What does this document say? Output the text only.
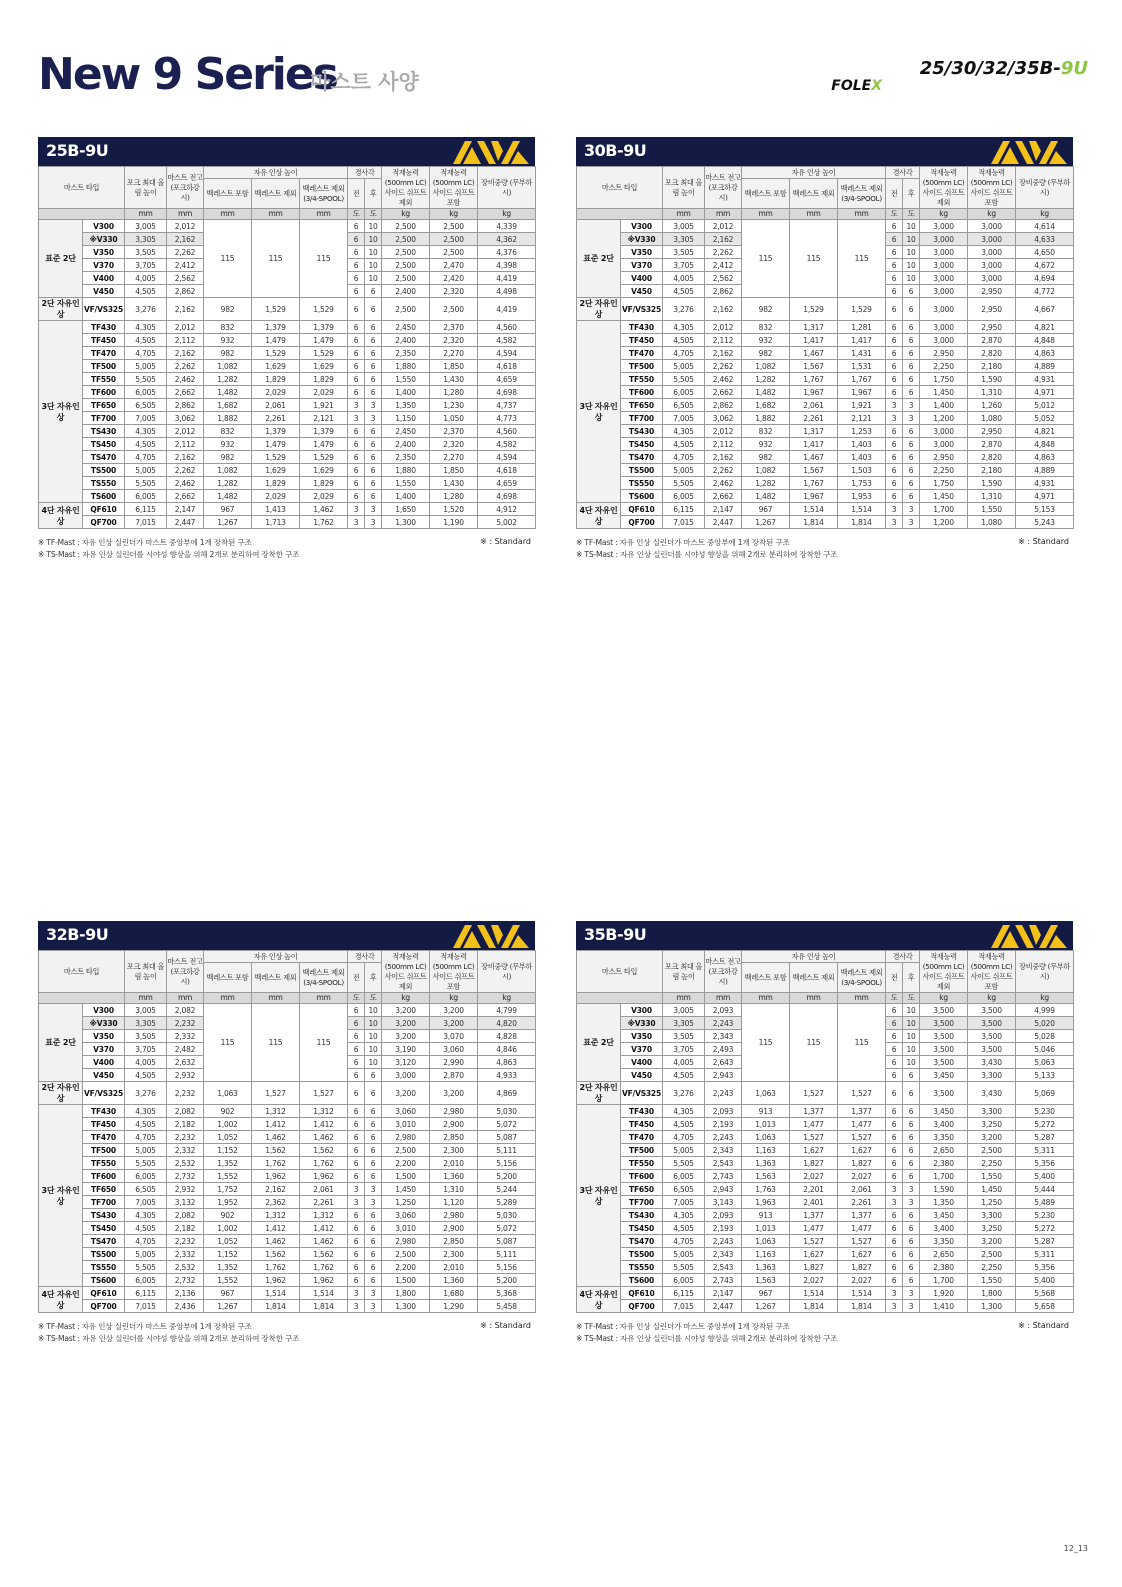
New 9 Series
마스트 사양
25/30/32/35B-9U
FOLEX
25B-9U
마스트 타입		포크 최대 올림 높이	마스트 전고
(포크하강시)	자유 인상 높이			경사각		적재능력 (500mm LC) 사이드 쉬프트 제외	적재능력 (500mm LC) 사이드 쉬프트 포함	장비중량 (무부하시)
				백레스트 포함	백레스트 제외	백레스트 제외 (3/4-SPOOL)	전	후			
		mm	mm	mm	mm	mm	도	도	kg	kg	kg
표준 2단	V300	3,005	2,012	115	115	115	6	10	2,500	2,500	4,339
	※V330	3,305	2,162				6	10	2,500	2,500	4,362
	V350	3,505	2,262				6	10	2,500	2,500	4,376
	V370	3,705	2,412				6	10	2,500	2,470	4,398
	V400	4,005	2,562				6	10	2,500	2,420	4,419
	V450	4,505	2,862				6	6	2,400	2,320	4,498
2단 자유인상	VF/VS325	3,276	2,162	982	1,529	1,529	6	6	2,500	2,500	4,419
3단 자유인상	TF430	4,305	2,012	832	1,379	1,379	6	6	2,450	2,370	4,560
	TF450	4,505	2,112	932	1,479	1,479	6	6	2,400	2,320	4,582
	TF470	4,705	2,162	982	1,529	1,529	6	6	2,350	2,270	4,594
	TF500	5,005	2,262	1,082	1,629	1,629	6	6	1,880	1,850	4,618
	TF550	5,505	2,462	1,282	1,829	1,829	6	6	1,550	1,430	4,659
	TF600	6,005	2,662	1,482	2,029	2,029	6	6	1,400	1,280	4,698
	TF650	6,505	2,862	1,682	2,061	1,921	3	3	1,350	1,230	4,737
	TF700	7,005	3,062	1,882	2,261	2,121	3	3	1,150	1,050	4,773
	TS430	4,305	2,012	832	1,379	1,379	6	6	2,450	2,370	4,560
	TS450	4,505	2,112	932	1,479	1,479	6	6	2,400	2,320	4,582
	TS470	4,705	2,162	982	1,529	1,529	6	6	2,350	2,270	4,594
	TS500	5,005	2,262	1,082	1,629	1,629	6	6	1,880	1,850	4,618
	TS550	5,505	2,462	1,282	1,829	1,829	6	6	1,550	1,430	4,659
	TS600	6,005	2,662	1,482	2,029	2,029	6	6	1,400	1,280	4,698
4단 자유인상	QF610	6,115	2,147	967	1,413	1,462	3	3	1,650	1,520	4,912
	QF700	7,015	2,447	1,267	1,713	1,762	3	3	1,300	1,190	5,002
※ TF-Mast : 자유 인상 실린더가 마스트 중앙부에 1개 장착된 구조
※ TS-Mast : 자유 인상 실린더를 시야성 향상을 위해 2개로 분리하여 장착한 구조
※ : Standard
30B-9U
마스트 타입		포크 최대 올림 높이	마스트 전고
(포크하강시)	자유 인상 높이			경사각		적재능력 (500mm LC) 사이드 쉬프트 제외	적재능력 (500mm LC) 사이드 쉬프트 포함	장비중량 (무부하시)
				백레스트 포함	백레스트 제외	백레스트 제외 (3/4-SPOOL)	전	후			
		mm	mm	mm	mm	mm	도	도	kg	kg	kg
표준 2단	V300	3,005	2,012	115	115	115	6	10	3,000	3,000	4,614
	※V330	3,305	2,162				6	10	3,000	3,000	4,633
	V350	3,505	2,262				6	10	3,000	3,000	4,650
	V370	3,705	2,412				6	10	3,000	3,000	4,672
	V400	4,005	2,562				6	10	3,000	3,000	4,694
	V450	4,505	2,862				6	6	3,000	2,950	4,772
2단 자유인상	VF/VS325	3,276	2,162	982	1,529	1,529	6	6	3,000	2,950	4,667
3단 자유인상	TF430	4,305	2,012	832	1,317	1,281	6	6	3,000	2,950	4,821
	TF450	4,505	2,112	932	1,417	1,417	6	6	3,000	2,870	4,848
	TF470	4,705	2,162	982	1,467	1,431	6	6	2,950	2,820	4,863
	TF500	5,005	2,262	1,082	1,567	1,531	6	6	2,250	2,180	4,889
	TF550	5,505	2,462	1,282	1,767	1,767	6	6	1,750	1,590	4,931
	TF600	6,005	2,662	1,482	1,967	1,967	6	6	1,450	1,310	4,971
	TF650	6,505	2,862	1,682	2,061	1,921	3	3	1,400	1,260	5,012
	TF700	7,005	3,062	1,882	2,261	2,121	3	3	1,200	1,080	5,052
	TS430	4,305	2,012	832	1,317	1,253	6	6	3,000	2,950	4,821
	TS450	4,505	2,112	932	1,417	1,403	6	6	3,000	2,870	4,848
	TS470	4,705	2,162	982	1,467	1,403	6	6	2,950	2,820	4,863
	TS500	5,005	2,262	1,082	1,567	1,503	6	6	2,250	2,180	4,889
	TS550	5,505	2,462	1,282	1,767	1,753	6	6	1,750	1,590	4,931
	TS600	6,005	2,662	1,482	1,967	1,953	6	6	1,450	1,310	4,971
4단 자유인상	QF610	6,115	2,147	967	1,514	1,514	3	3	1,700	1,550	5,153
	QF700	7,015	2,447	1,267	1,814	1,814	3	3	1,200	1,080	5,243
※ TF-Mast : 자유 인상 실린더가 마스트 중앙부에 1개 장착된 구조
※ TS-Mast : 자유 인상 실린더를 시야성 향상을 위해 2개로 분리하여 장착한 구조
※ : Standard
32B-9U
마스트 타입		포크 최대 올림 높이	마스트 전고
(포크하강시)	자유 인상 높이			경사각		적재능력 (500mm LC) 사이드 쉬프트 제외	적재능력 (500mm LC) 사이드 쉬프트 포함	장비중량 (무부하시)
				백레스트 포함	백레스트 제외	백레스트 제외 (3/4-SPOOL)	전	후			
		mm	mm	mm	mm	mm	도	도	kg	kg	kg
표준 2단	V300	3,005	2,082	115	115	115	6	10	3,200	3,200	4,799
	※V330	3,305	2,232				6	10	3,200	3,200	4,820
	V350	3,505	2,332				6	10	3,200	3,070	4,828
	V370	3,705	2,482				6	10	3,190	3,060	4,846
	V400	4,005	2,632				6	10	3,120	2,990	4,863
	V450	4,505	2,932				6	6	3,000	2,870	4,933
2단 자유인상	VF/VS325	3,276	2,232	1,063	1,527	1,527	6	6	3,200	3,200	4,869
3단 자유인상	TF430	4,305	2,082	902	1,312	1,312	6	6	3,060	2,980	5,030
	TF450	4,505	2,182	1,002	1,412	1,412	6	6	3,010	2,900	5,072
	TF470	4,705	2,232	1,052	1,462	1,462	6	6	2,980	2,850	5,087
	TF500	5,005	2,332	1,152	1,562	1,562	6	6	2,500	2,300	5,111
	TF550	5,505	2,532	1,352	1,762	1,762	6	6	2,200	2,010	5,156
	TF600	6,005	2,732	1,552	1,962	1,962	6	6	1,500	1,360	5,200
	TF650	6,505	2,932	1,752	2,162	2,061	3	3	1,450	1,310	5,244
	TF700	7,005	3,132	1,952	2,362	2,261	3	3	1,250	1,120	5,289
	TS430	4,305	2,082	902	1,312	1,312	6	6	3,060	2,980	5,030
	TS450	4,505	2,182	1,002	1,412	1,412	6	6	3,010	2,900	5,072
	TS470	4,705	2,232	1,052	1,462	1,462	6	6	2,980	2,850	5,087
	TS500	5,005	2,332	1,152	1,562	1,562	6	6	2,500	2,300	5,111
	TS550	5,505	2,532	1,352	1,762	1,762	6	6	2,200	2,010	5,156
	TS600	6,005	2,732	1,552	1,962	1,962	6	6	1,500	1,360	5,200
4단 자유인상	QF610	6,115	2,136	967	1,514	1,514	3	3	1,800	1,680	5,368
	QF700	7,015	2,436	1,267	1,814	1,814	3	3	1,300	1,290	5,458
※ TF-Mast : 자유 인상 실린더가 마스트 중앙부에 1개 장착된 구조
※ TS-Mast : 자유 인상 실린더를 시야성 향상을 위해 2개로 분리하여 장착한 구조
※ : Standard
35B-9U
마스트 타입		포크 최대 올림 높이	마스트 전고
(포크하강시)	자유 인상 높이			경사각		적재능력 (500mm LC) 사이드 쉬프트 제외	적재능력 (500mm LC) 사이드 쉬프트 포함	장비중량 (무부하시)
				백레스트 포함	백레스트 제외	백레스트 제외 (3/4-SPOOL)	전	후			
		mm	mm	mm	mm	mm	도	도	kg	kg	kg
표준 2단	V300	3,005	2,093	115	115	115	6	10	3,500	3,500	4,999
	※V330	3,305	2,243				6	10	3,500	3,500	5,020
	V350	3,505	2,343				6	10	3,500	3,500	5,028
	V370	3,705	2,493				6	10	3,500	3,500	5,046
	V400	4,005	2,643				6	10	3,500	3,430	5,063
	V450	4,505	2,943				6	6	3,450	3,300	5,133
2단 자유인상	VF/VS325	3,276	2,243	1,063	1,527	1,527	6	6	3,500	3,430	5,069
3단 자유인상	TF430	4,305	2,093	913	1,377	1,377	6	6	3,450	3,300	5,230
	TF450	4,505	2,193	1,013	1,477	1,477	6	6	3,400	3,250	5,272
	TF470	4,705	2,243	1,063	1,527	1,527	6	6	3,350	3,200	5,287
	TF500	5,005	2,343	1,163	1,627	1,627	6	6	2,650	2,500	5,311
	TF550	5,505	2,543	1,363	1,827	1,827	6	6	2,380	2,250	5,356
	TF600	6,005	2,743	1,563	2,027	2,027	6	6	1,700	1,550	5,400
	TF650	6,505	2,943	1,763	2,201	2,061	3	3	1,590	1,450	5,444
	TF700	7,005	3,143	1,963	2,401	2,261	3	3	1,350	1,250	5,489
	TS430	4,305	2,093	913	1,377	1,377	6	6	3,450	3,300	5,230
	TS450	4,505	2,193	1,013	1,477	1,477	6	6	3,400	3,250	5,272
	TS470	4,705	2,243	1,063	1,527	1,527	6	6	3,350	3,200	5,287
	TS500	5,005	2,343	1,163	1,627	1,627	6	6	2,650	2,500	5,311
	TS550	5,505	2,543	1,363	1,827	1,827	6	6	2,380	2,250	5,356
	TS600	6,005	2,743	1,563	2,027	2,027	6	6	1,700	1,550	5,400
4단 자유인상	QF610	6,115	2,147	967	1,514	1,514	3	3	1,920	1,800	5,568
	QF700	7,015	2,447	1,267	1,814	1,814	3	3	1,410	1,300	5,658
※ TF-Mast : 자유 인상 실린더가 마스트 중앙부에 1개 장착된 구조
※ TS-Mast : 자유 인상 실린더를 시야성 향상을 위해 2개로 분리하여 장착한 구조
※ : Standard
12_13
